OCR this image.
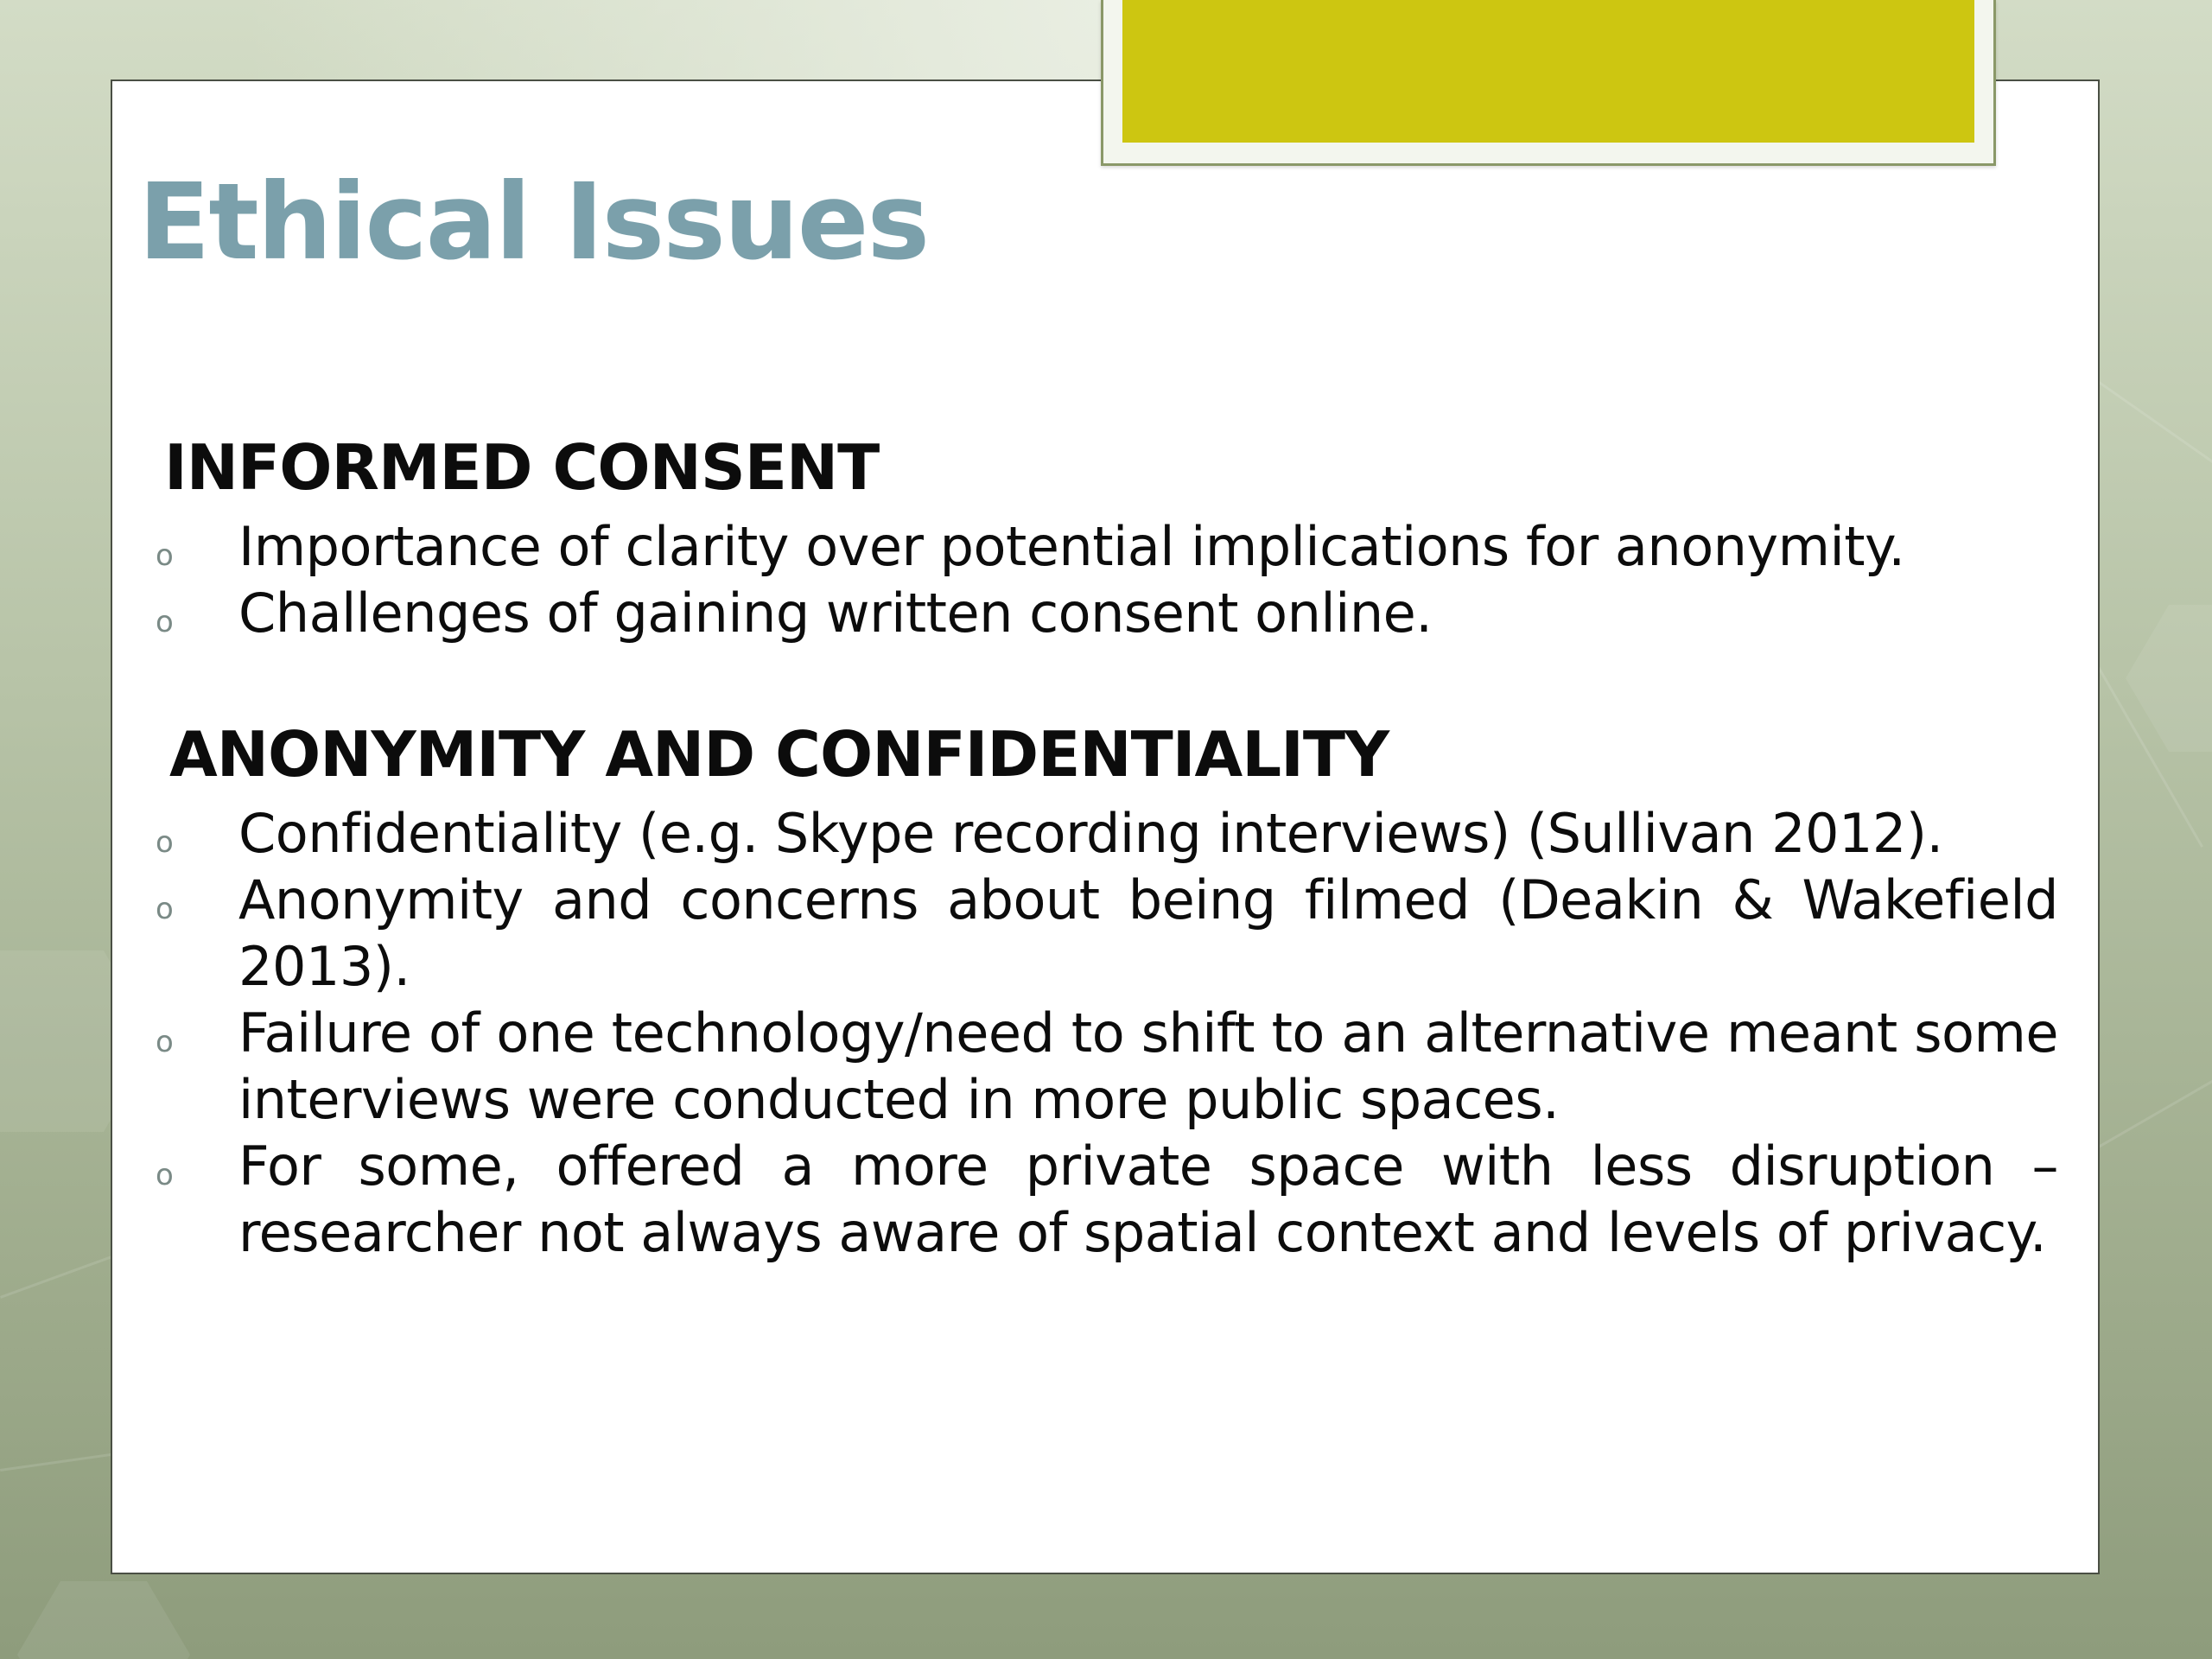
Ethical Issues
INFORMED CONSENT
o Importance of clarity over potential implications for anonymity.
o Challenges of gaining written consent online.
ANONYMITY AND CONFIDENTIALITY
o Confidentiality (e.g. Skype recording interviews) (Sullivan 2012).
o Anonymity and concerns about being filmed (Deakin & Wakefield 2013).
o Failure of one technology/need to shift to an alternative meant some interviews were conducted in more public spaces.
o For some, offered a more private space with less disruption – researcher not always aware of spatial context and levels of privacy.
